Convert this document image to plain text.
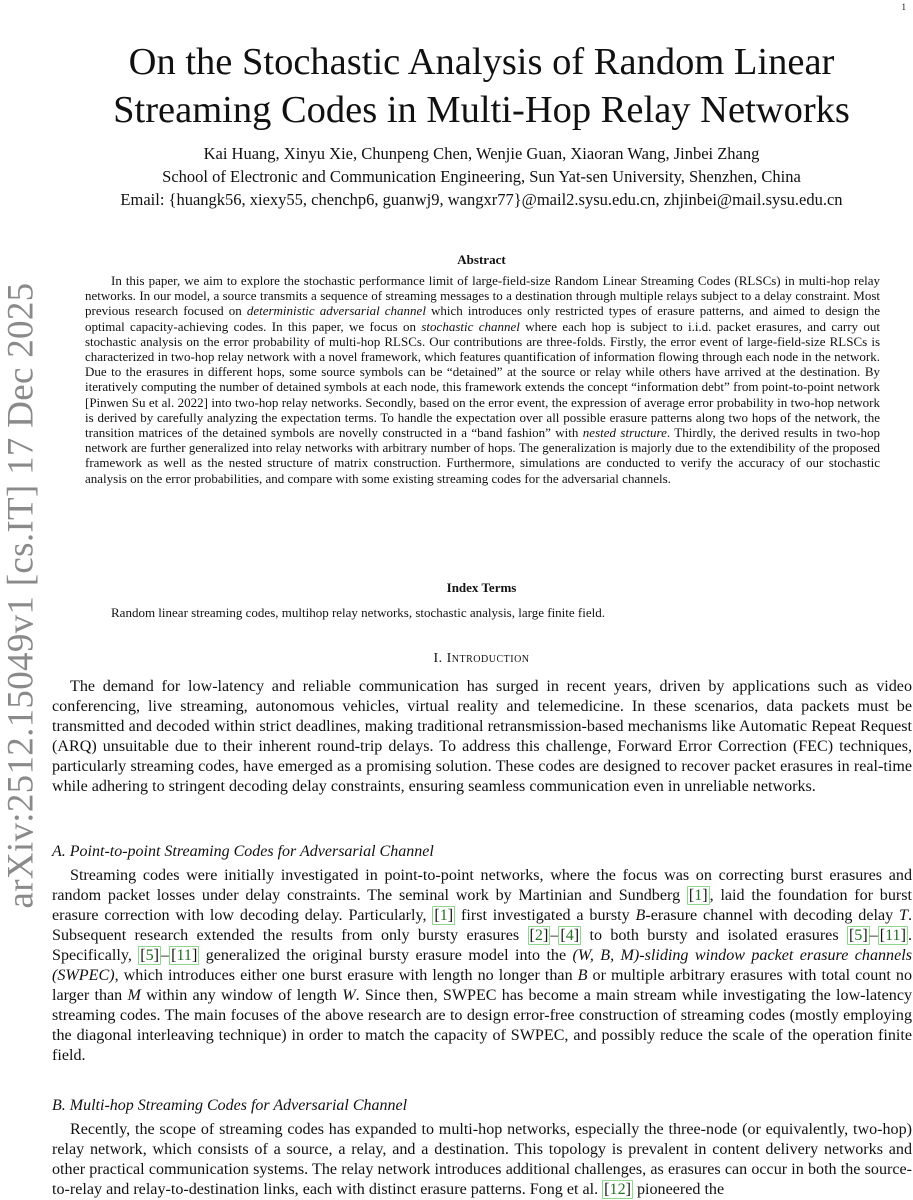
1
arXiv:2512.15049v1 [cs.IT] 17 Dec 2025
On the Stochastic Analysis of Random Linear
Streaming Codes in Multi-Hop Relay Networks
Kai Huang, Xinyu Xie, Chunpeng Chen, Wenjie Guan, Xiaoran Wang, Jinbei Zhang
School of Electronic and Communication Engineering, Sun Yat-sen University, Shenzhen, China
Email: {huangk56, xiexy55, chenchp6, guanwj9, wangxr77}@mail2.sysu.edu.cn, zhjinbei@mail.sysu.edu.cn
Abstract

In this paper, we aim to explore the stochastic performance limit of large-field-size Random Linear Streaming Codes (RLSCs) in multi-hop relay networks. In our model, a source transmits a sequence of streaming messages to a destination through multiple relays subject to a delay constraint. Most previous research focused on deterministic adversarial channel which introduces only restricted types of erasure patterns, and aimed to design the optimal capacity-achieving codes. In this paper, we focus on stochastic channel where each hop is subject to i.i.d. packet erasures, and carry out stochastic analysis on the error probability of multi-hop RLSCs. Our contributions are three-folds. Firstly, the error event of large-field-size RLSCs is characterized in two-hop relay network with a novel framework, which features quantification of information flowing through each node in the network. Due to the erasures in different hops, some source symbols can be “detained” at the source or relay while others have arrived at the destination. By iteratively computing the number of detained symbols at each node, this framework extends the concept “information debt” from point-to-point network [Pinwen Su et al. 2022] into two-hop relay networks. Secondly, based on the error event, the expression of average error probability in two-hop network is derived by carefully analyzing the expectation terms. To handle the expectation over all possible erasure patterns along two hops of the network, the transition matrices of the detained symbols are novelly constructed in a “band fashion” with nested structure. Thirdly, the derived results in two-hop network are further generalized into relay networks with arbitrary number of hops. The generalization is majorly due to the extendibility of the proposed framework as well as the nested structure of matrix construction. Furthermore, simulations are conducted to verify the accuracy of our stochastic analysis on the error probabilities, and compare with some existing streaming codes for the adversarial channels.

Index Terms

Random linear streaming codes, multihop relay networks, stochastic analysis, large finite field.

I. Introduction

The demand for low-latency and reliable communication has surged in recent years, driven by applications such as video conferencing, live streaming, autonomous vehicles, virtual reality and telemedicine. In these scenarios, data packets must be transmitted and decoded within strict deadlines, making traditional retransmission-based mechanisms like Automatic Repeat Request (ARQ) unsuitable due to their inherent round-trip delays. To address this challenge, Forward Error Correction (FEC) techniques, particularly streaming codes, have emerged as a promising solution. These codes are designed to recover packet erasures in real-time while adhering to stringent decoding delay constraints, ensuring seamless communication even in unreliable networks.

A. Point-to-point Streaming Codes for Adversarial Channel

Streaming codes were initially investigated in point-to-point networks, where the focus was on correcting burst erasures and random packet losses under delay constraints. The seminal work by Martinian and Sundberg [ 1 ] , laid the foundation for burst erasure correction with low decoding delay. Particularly, [ 1 ] first investigated a bursty B-erasure channel with decoding delay T. Subsequent research extended the results from only bursty erasures [ 2 ] – [ 4 ] to both bursty and isolated erasures [ 5 ] – [ 11 ] . Specifically, [ 5 ] – [ 11 ] generalized the original bursty erasure model into the (W, B, M)-sliding window packet erasure channels (SWPEC), which introduces either one burst erasure with length no longer than B or multiple arbitrary erasures with total count no larger than M within any window of length W. Since then, SWPEC has become a main stream while investigating the low-latency streaming codes. The main focuses of the above research are to design error-free construction of streaming codes (mostly employing the diagonal interleaving technique) in order to match the capacity of SWPEC, and possibly reduce the scale of the operation finite field.

B. Multi-hop Streaming Codes for Adversarial Channel

Recently, the scope of streaming codes has expanded to multi-hop networks, especially the three-node (or equivalently, two-hop) relay network, which consists of a source, a relay, and a destination. This topology is prevalent in content delivery networks and other practical communication systems. The relay network introduces additional challenges, as erasures can occur in both the source-to-relay and relay-to-destination links, each with distinct erasure patterns. Fong et al. [ 12 ] pioneered the
